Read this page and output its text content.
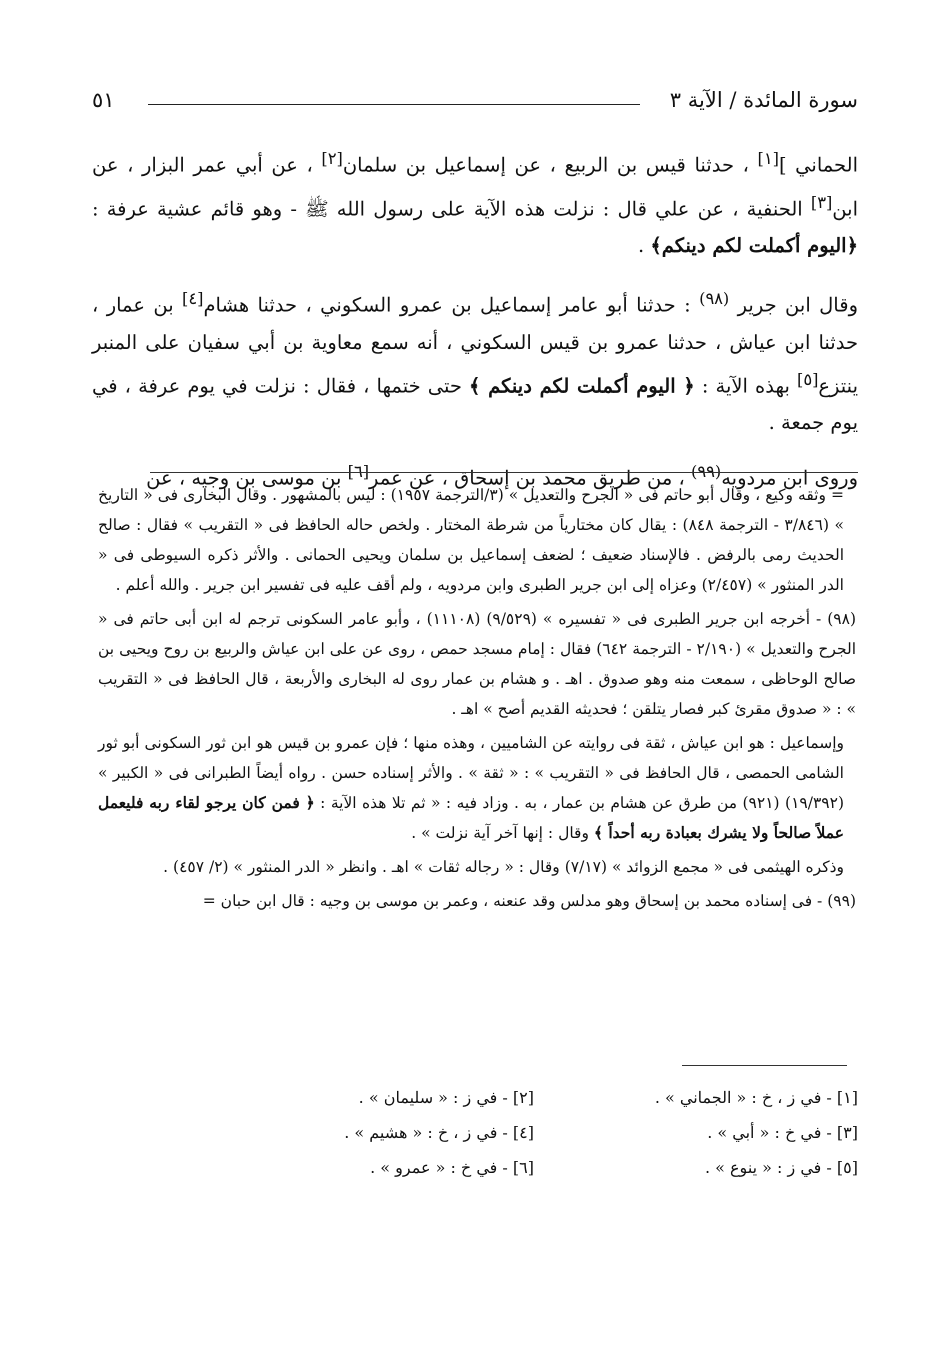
سورة المائدة / الآية ٣
٥١

الحماني ][١] ، حدثنا قيس بن الربيع ، عن إسماعيل بن سلمان[٢] ، عن أبي عمر البزار ، عن ابن[٣] الحنفية ، عن علي قال : نزلت هذه الآية على رسول الله ﷺ - وهو قائم عشية عرفة : ﴿اليوم أكملت لكم دينكم﴾ .

وقال ابن جرير $^{(٩٨)}$ : حدثنا أبو عامر إسماعيل بن عمرو السكوني ، حدثنا هشام[٤] بن عمار ، حدثنا ابن عياش ، حدثنا عمرو بن قيس السكوني ، أنه سمع معاوية بن أبي سفيان على المنبر ينتزع[٥] بهذه الآية : ﴿ اليوم أكملت لكم دينكم ﴾ حتى ختمها ، فقال : نزلت في يوم عرفة ، في يوم جمعة .

وروى ابن مردويه$^{(٩٩)}$ ، من طريق محمد بن إسحاق ، عن عمر[٦] بن موسى بن وجيه ، عن

= وثقه وكيع ، وقال أبو حاتم فى « الجرح والتعديل » (٣/الترجمة ١٩٥٧) : ليس بالمشهور . وقال البخارى فى « التاريخ » (٣/٨٤٦ - الترجمة ٨٤٨) : يقال كان مختارياً من شرطة المختار . ولخص حاله الحافظ فى « التقريب » فقال : صالح الحديث رمى بالرفض . فالإسناد ضعيف ؛ لضعف إسماعيل بن سلمان ويحيى الحمانى . والأثر ذكره السيوطى فى « الدر المنثور » (٢/٤٥٧) وعزاه إلى ابن جرير الطبرى وابن مردويه ، ولم أقف عليه فى تفسير ابن جرير . والله أعلم .

(٩٨) - أخرجه ابن جرير الطبرى فى « تفسيره » (٩/٥٢٩) (١١١٠٨) ، وأبو عامر السكونى ترجم له ابن أبى حاتم فى « الجرح والتعديل » (٢/١٩٠ - الترجمة ٦٤٢) فقال : إمام مسجد حمص ، روى عن على ابن عياش والربيع بن روح ويحيى بن صالح الوحاظى ، سمعت منه وهو صدوق . اهـ . و هشام بن عمار روى له البخارى والأربعة ، قال الحافظ فى « التقريب » : « صدوق مقرئ كبر فصار يتلقن ؛ فحديثه القديم أصح » اهـ .

وإسماعيل : هو ابن عياش ، ثقة فى روايته عن الشاميين ، وهذه منها ؛ فإن عمرو بن قيس هو ابن ثور السكونى أبو ثور الشامى الحمصى ، قال الحافظ فى « التقريب » : « ثقة » . والأثر إسناده حسن . رواه أيضاً الطبرانى فى « الكبير » (١٩/٣٩٢) (٩٢١) من طرق عن هشام بن عمار ، به . وزاد فيه : « ثم تلا هذه الآية : ﴿ فمن كان يرجو لقاء ربه فليعمل عملاً صالحاً ولا يشرك بعبادة ربه أحداً ﴾ وقال : إنها آخر آية نزلت » .

وذكره الهيثمى فى « مجمع الزوائد » (٧/١٧) وقال : « رجاله ثقات » اهـ . وانظر « الدر المنثور » (٢/ ٤٥٧) .

(٩٩) - فى إسناده محمد بن إسحاق وهو مدلس وقد عنعنه ، وعمر بن موسى بن وجيه : قال ابن حبان =

[١] - في ز ، خ : « الجماني » .
[٢] - في ز : « سليمان » .
[٣] - في خ : « أبي » .
[٤] - في ز ، خ : « هشيم » .
[٥] - في ز : « ينوع » .
[٦] - في خ : « عمرو » .
